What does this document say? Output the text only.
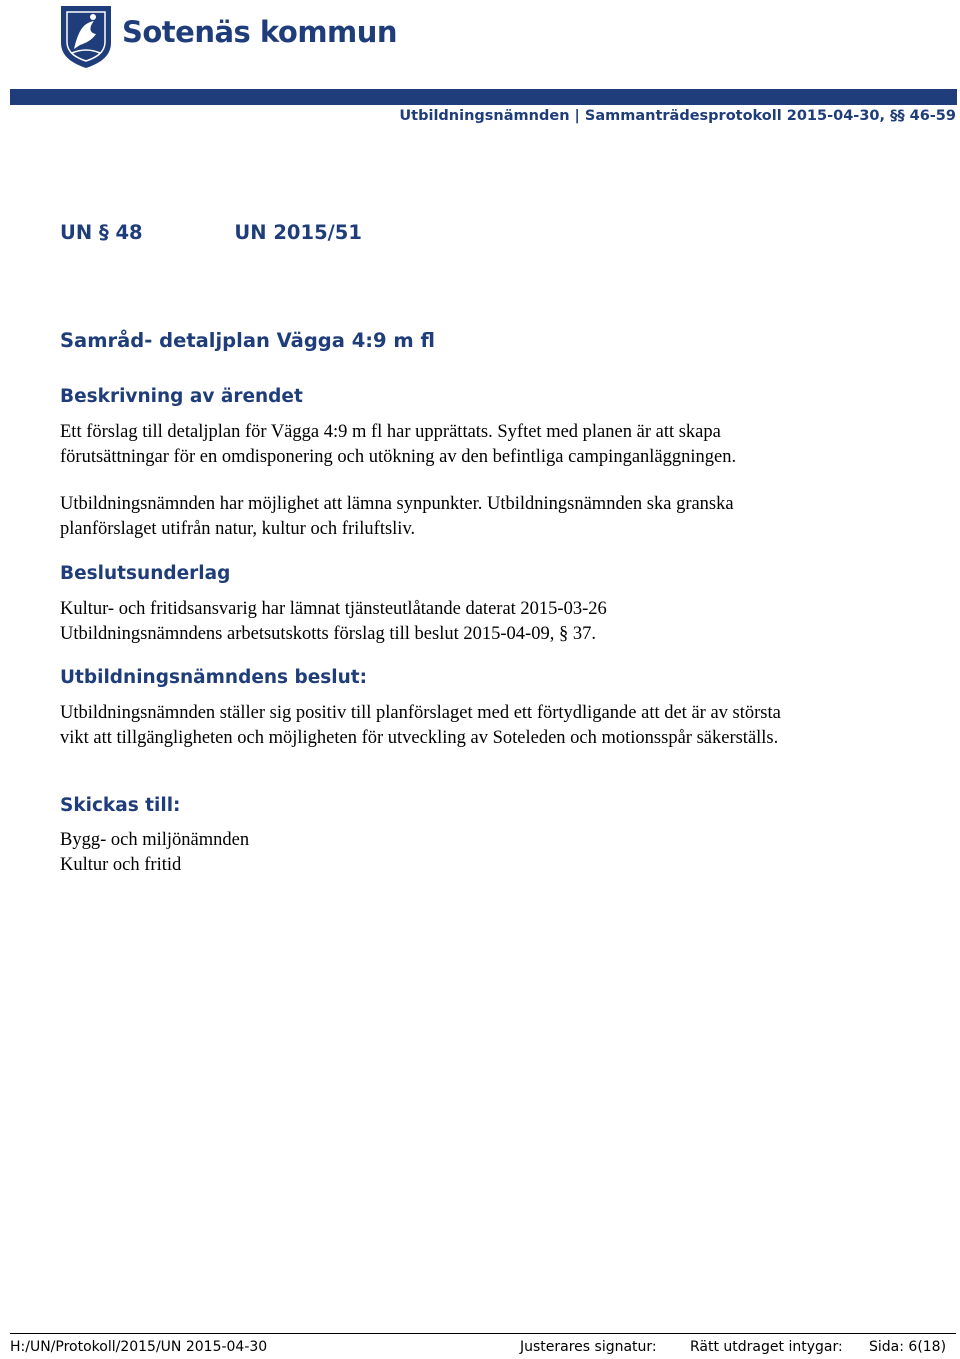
Sotenäs kommun
Utbildningsnämnden | Sammanträdesprotokoll 2015-04-30, §§ 46-59
UN § 48	UN 2015/51
Samråd- detaljplan Vägga 4:9 m fl
Beskrivning av ärendet
Ett förslag till detaljplan för Vägga 4:9 m fl har upprättats. Syftet med planen är att skapa
förutsättningar för en omdisponering och utökning av den befintliga campinganläggningen.
Utbildningsnämnden har möjlighet att lämna synpunkter. Utbildningsnämnden ska granska
planförslaget utifrån natur, kultur och friluftsliv.
Beslutsunderlag
Kultur- och fritidsansvarig har lämnat tjänsteutlåtande daterat 2015-03-26
Utbildningsnämndens arbetsutskotts förslag till beslut 2015-04-09, § 37.
Utbildningsnämndens beslut:
Utbildningsnämnden ställer sig positiv till planförslaget med ett förtydligande att det är av största
vikt att tillgängligheten och möjligheten för utveckling av Soteleden och motionsspår säkerställs.
Skickas till:
Bygg- och miljönämnden
Kultur och fritid
H:/UN/Protokoll/2015/UN 2015-04-30	Justerares signatur: Rätt utdraget intygar: Sida: 6(18)
